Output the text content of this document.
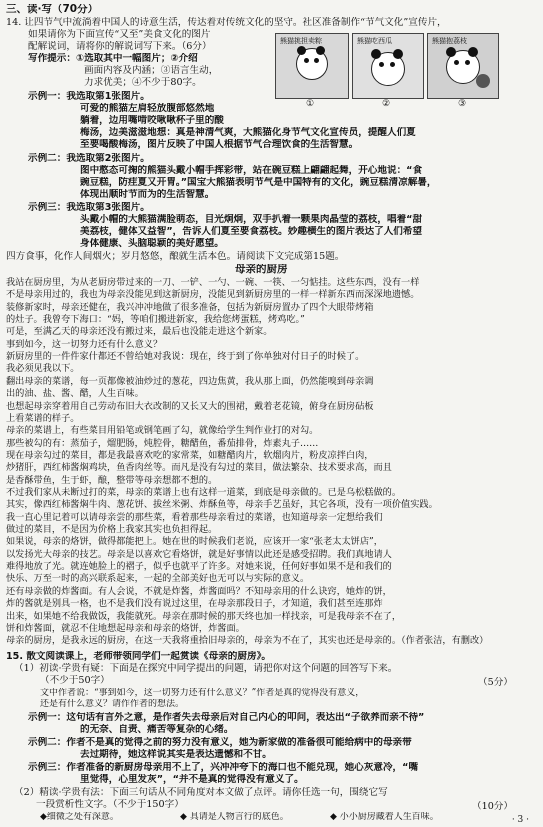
三、读·写（70分）
14. 让四节气中流淌着中国人的诗意生活，传达着对传统文化的坚守。社区准备制作“节气文化”宣传片，
如果请你为下面宣传“又至”美食文化的图片
配解说词，请将你的解说词写下来。（6分）
写作提示：①选取其中一幅图片；②介绍
画面内容及内涵；③语言生动，
力求优美；④不少于80字。
熊猫挑担卖粽
①
熊猫吃西瓜
②
熊猫抱荔枝
③
示例一：我选取第1张图片。
可爱的熊猫左肩轻放腹部悠然地
躺着，边用嘴啃咬啾啾杯子里的酸
梅汤，边美滋滋地想：真是神清气爽，大熊猫化身节气文化宣传员，提醒人们夏
至要喝酸梅汤，图片反映了中国人根据节气合理饮食的生活智慧。
示例二：我选取第2张图片。
图中憨态可掬的熊猫头戴小帽手挥彩带，站在碗豆糕上翩翩起舞，开心地说：“食
豌豆糕，防疰夏又开胃。”国宝大熊猫表明节气是中国特有的文化，豌豆糕清凉解暑，
体现出顺时节而为的生活智慧。
示例三：我选取第3张图片。
头戴小帽的大熊猫满脸萌态，目光炯炯，双手扒着一颗果肉晶莹的荔枝，唱着“甜
美荔枝，健体又益智”，告诉人们夏至要食荔枝。妙趣横生的图片表达了人们希望
身体健康、头脑聪颖的美好愿望。
四方食事，化作人间烟火；岁月悠悠，酿就生活本色。请阅读下文完成第15题。
母亲的厨房
我站在厨房里，为从老厨房带过来的一刀、一铲、一勺、一碗、一筷、一匀惦挂。这些东西，没有一样
不是母亲用过的，我也为母亲没能见到这新厨房，没能见到新厨房里的一样一样新东西而深深地遗憾。
装修新家时，母亲还健在，我兴冲冲地做了很多准备，包括为新厨房置办了四个大眼带烤箱
的灶子。我曾夸下海口：“妈，等咱们搬进新家，我给您烤蛋糕，烤鸡吃。”
可是，至满乙天的母亲还没有搬过来，最后也没能走进这个新家。
事到如今，这一切努力还有什么意义？
新厨房里的一件件家什都还不曾给她对我说：现在，终于到了你单独对付日子的时候了。
我必须见我以下。
翻出母亲的菜谱，每一页都像被油炒过的葱花，四边焦黄，我从那上面，仍然能嗅到母亲调
出的油、盐、酱、醋，人生百味。
也想起母亲穿着用自己劳动布旧大衣改制的又长又大的围裙，戴着老花镜，俯身在厨房砧板
上看菜谱的样子。
母亲的菜谱上，有些菜目用铅笔或钢笔画了勾，就像给学生判作业打的对勾。
那些被勾的有：蒸茄子，熘肥肠，炖腔骨，糖醋鱼，番茄排骨，炸素丸子……
现在母亲勾过的菜目，都是我最喜欢吃的家常菜，如糖醋肉片，软熘肉片，粉皮凉拌白肉，
炒猪肝，西红柿酱焖鸡块，鱼香肉丝等。而凡是没有勾过的菜目，做法繁杂、技术要求高，而且
是香酥带鱼，生于虾，酿，整带等母亲想都不想的。
不过我们家从未断过打的菜，母亲的菜谱上也有这样一道菜，到底是母亲做的。已是乌松糕做的。
其实，像西红柿酱焖牛肉、葱花饼、拔丝米粥、炸酥鱼等，母亲手艺虽好，其它各项，没有一项价值实践。
我一直心里记着可以请母亲尝的那些菜，看着那些母亲看过的菜谱，也知道母亲一定想给我们
做过的菜目，不是因为价格上我家其实也负担得起。
如果说，母亲的烙饼，做得都能把上。她在世的时候我们老说，应该开一家“张老太太饼店”，
以发扬光大母亲的技艺。母亲是以喜欢它看烙饼，就是好事情以此还是感受招聘。我们真地请人
难得地放了光。就连她脸上的褶子，似乎也就平了许多。对她来说，任何好事如果不是和我们的
快乐、万至一时的高兴联系起来，一起的全部美好也无可以与实际的意义。
还有母亲做的炸酱面。有人会说，不就是炸酱，炸酱面吗？不知母亲用的什么诀窍，她炸的饼，
炸的酱就是别具一格，也不是我们没有说过这里，在母亲那段日子，才知道，我们甚至连那炸
出来，如果她不给我做饭，我能就死。母亲在那时候的那天终也加一样找亲，可是我母亲不在了，
饼和炸酱面，就忍不住地想起母亲和母亲的烙饼，炸酱面。
母亲的厨房，是我永远的厨房，在这一天我将重拾旧母亲的，母亲为不在了，其实也还是母亲的。（作者张洁，有删改）
15. 散文阅读课上，老师带领同学们一起赏读《母亲的厨房》。
（1）初读·学贵有疑：下面是在探究中同学提出的问题，请把你对这个问题的回答写下来。
（不少于50字）	（5分）
文中作者说：“事到如今，这一切努力还有什么意义？”作者是真的觉得没有意义，
还是有什么意义？请作作者的想法。
示例一：这句话有言外之意，是作者失去母亲后对自己内心的叩问，表达出“子欲养而亲不待”
的无奈、自责、痛苦等复杂的心绪。
示例二：作者不是真的觉得之前的努力没有意义，她为新家做的准备很可能给病中的母亲带
去过期待，她这样说其实是表达遗憾和不甘。
示例三：作者准备的新厨房母亲用不上了，兴冲冲夸下的海口也不能兑现，她心灰意冷，“嘴
里觉得，心里发灰”，“并不是真的觉得没有意义了。
（2）精读·学贵有法：下面三句话从不同角度对本文做了点评。请你任选一句，围绕它写
一段赏析性文字。（不少于150字）	（10分）
◆细微之处有深意。	◆ 具请是人物言行的底色。	◆ 小小厨房藏着人生百味。	· 3 ·
